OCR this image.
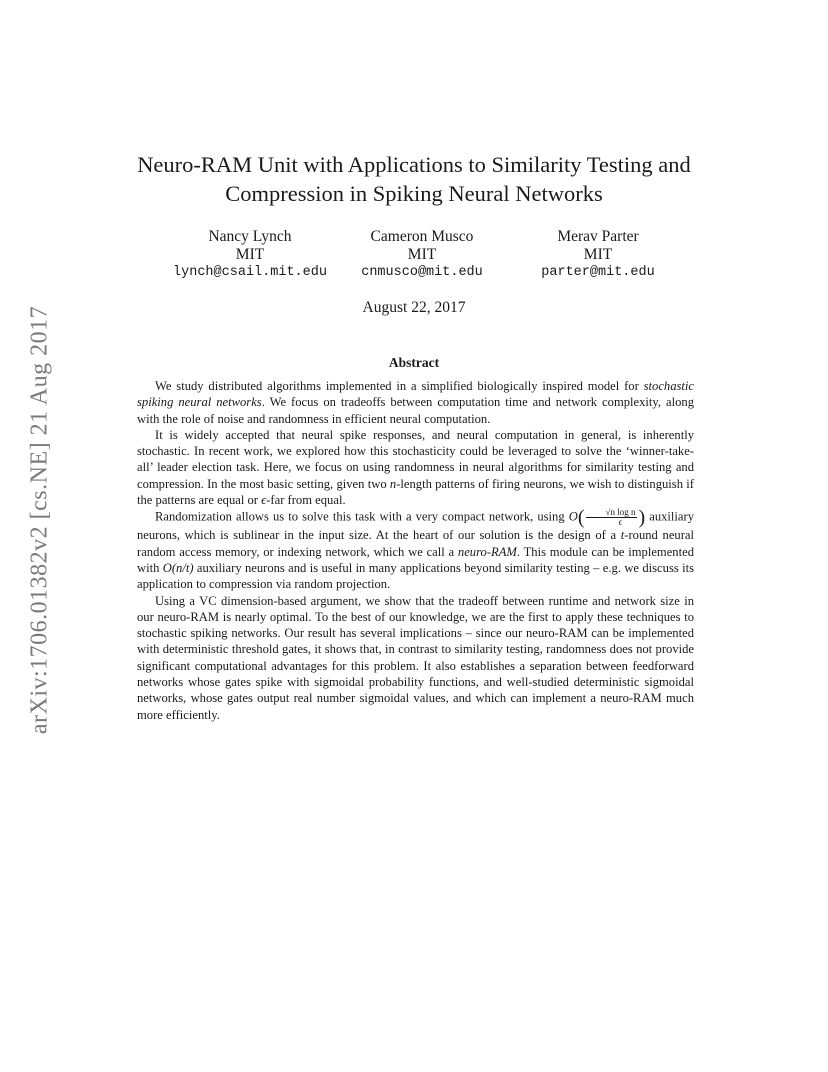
arXiv:1706.01382v2 [cs.NE] 21 Aug 2017
Neuro-RAM Unit with Applications to Similarity Testing and
Compression in Spiking Neural Networks
Nancy Lynch
MIT
lynch@csail.mit.edu
Cameron Musco
MIT
cnmusco@mit.edu
Merav Parter
MIT
parter@mit.edu
August 22, 2017
Abstract

We study distributed algorithms implemented in a simplified biologically inspired model for stochastic spiking neural networks. We focus on tradeoffs between computation time and network complexity, along with the role of noise and randomness in efficient neural computation.

It is widely accepted that neural spike responses, and neural computation in general, is inherently stochastic. In recent work, we explored how this stochasticity could be leveraged to solve the ‘winner-take-all’ leader election task. Here, we focus on using randomness in neural algorithms for similarity testing and compression. In the most basic setting, given two n-length patterns of firing neurons, we wish to distinguish if the patterns are equal or ϵ-far from equal.

Randomization allows us to solve this task with a very compact network, using $O( \frac{\text{√n log n}}{\epsilon}$ ) auxiliary neurons, which is sublinear in the input size. At the heart of our solution is the design of a t-round neural random access memory, or indexing network, which we call a neuro-RAM. This module can be implemented with O(n/t) auxiliary neurons and is useful in many applications beyond similarity testing – e.g. we discuss its application to compression via random projection.

Using a VC dimension-based argument, we show that the tradeoff between runtime and network size in our neuro-RAM is nearly optimal. To the best of our knowledge, we are the first to apply these techniques to stochastic spiking networks. Our result has several implications – since our neuro-RAM can be implemented with deterministic threshold gates, it shows that, in contrast to similarity testing, randomness does not provide significant computational advantages for this problem. It also establishes a separation between feedforward networks whose gates spike with sigmoidal probability functions, and well-studied deterministic sigmoidal networks, whose gates output real number sigmoidal values, and which can implement a neuro-RAM much more efficiently.
